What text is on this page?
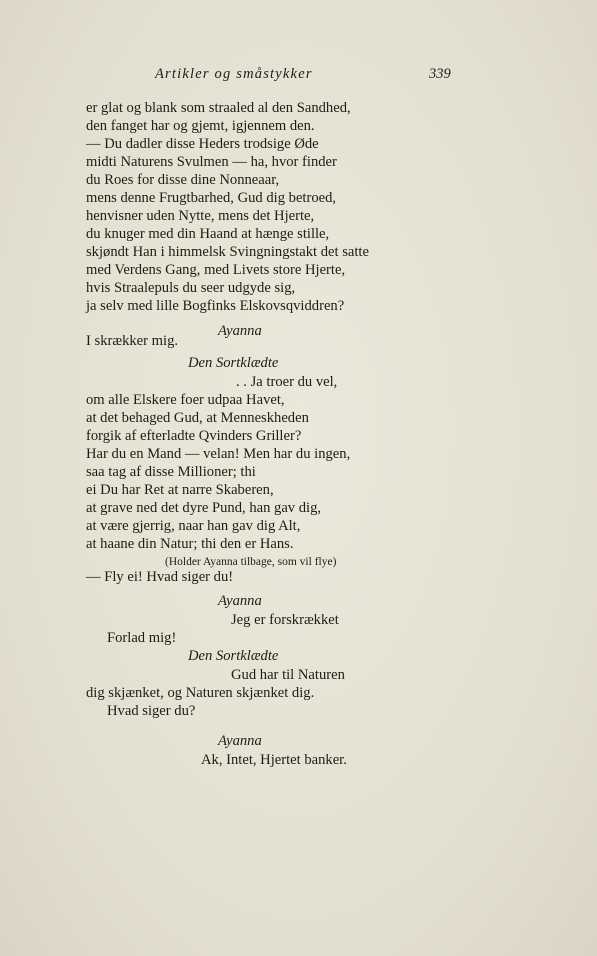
Artikler og småstykker	339
er glat og blank som straaled al den Sandhed,
den fanget har og gjemt, igjennem den.
— Du dadler disse Heders trodsige Øde
midti Naturens Svulmen — ha, hvor finder
du Roes for disse dine Nonneaar,
mens denne Frugtbarhed, Gud dig betroed,
henvisner uden Nytte, mens det Hjerte,
du knuger med din Haand at hænge stille,
skjøndt Han i himmelsk Svingningstakt det satte
med Verdens Gang, med Livets store Hjerte,
hvis Straalepuls du seer udgyde sig,
ja selv med lille Bogfinks Elskovsqviddren?
I skrækker mig.
Ayanna
Den Sortklædte
. . Ja troer du vel,
om alle Elskere foer udpaa Havet,
at det behaged Gud, at Menneskheden
forgik af efterladte Qvinders Griller?
Har du en Mand — velan! Men har du ingen,
saa tag af disse Millioner; thi
ei Du har Ret at narre Skaberen,
at grave ned det dyre Pund, han gav dig,
at være gjerrig, naar han gav dig Alt,
at haane din Natur; thi den er Hans.
(Holder Ayanna tilbage, som vil flye)
— Fly ei! Hvad siger du!
Ayanna
Jeg er forskrækket
Forlad mig!
Den Sortklædte
Gud har til Naturen
dig skjænket, og Naturen skjænket dig.
Hvad siger du?
Ayanna
Ak, Intet, Hjertet banker.
